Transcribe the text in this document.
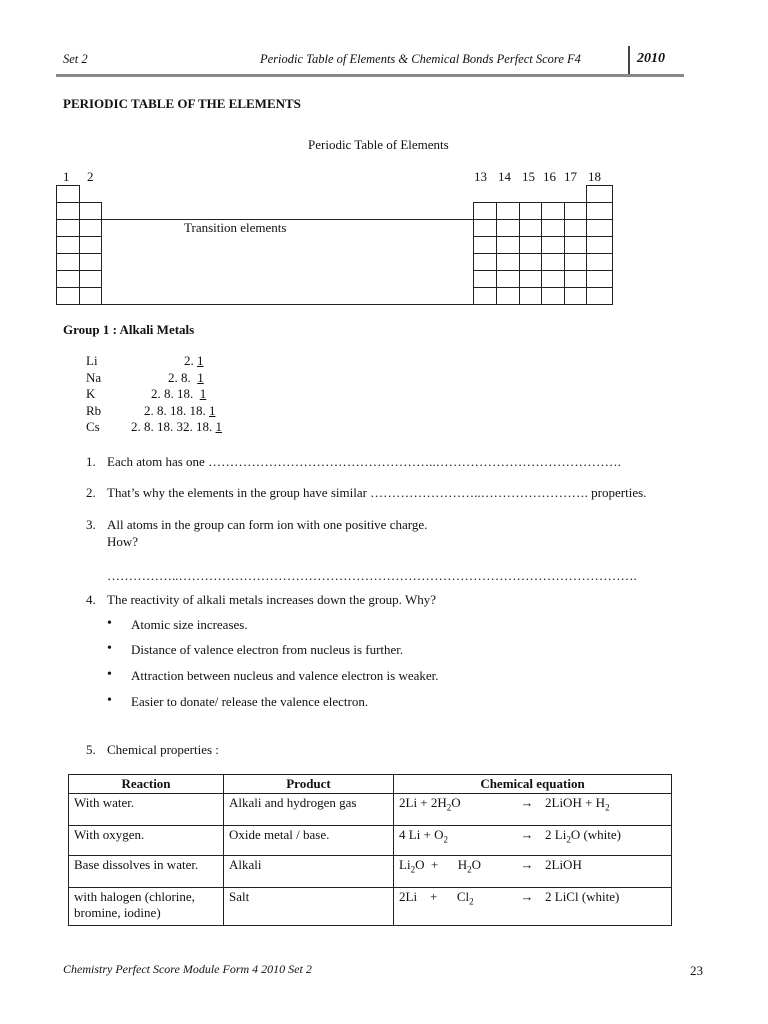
Set 2	Periodic Table of Elements & Chemical Bonds Perfect Score F4	2010
PERIODIC TABLE OF THE ELEMENTS
Periodic Table of Elements
1 2	13 14 15 16 17 18
Transition elements
Group 1 : Alkali Metals
Li	2. 1
Na	2. 8. 1
K	2. 8. 18. 1
Rb	2. 8. 18. 18. 1
Cs 2. 8. 18. 32. 18. 1
1. Each atom has one ……………………………………………..…………………………………….
2. That’s why the elements in the group have similar ……………………..……………………. properties.
3. All atoms in the group can form ion with one positive charge.
How?
……………..…………………………………………………………………………………………….
4. The reactivity of alkali metals increases down the group. Why?
• Atomic size increases.
• Distance of valence electron from nucleus is further.
• Attraction between nucleus and valence electron is weaker.
• Easier to donate/ release the valence electron.
5. Chemical properties :
Reaction	Product	Chemical equation
With water.	Alkali and hydrogen gas	$2Li + 2H_2O$ → 2LiOH + $H_2$

With oxygen.	Oxide metal / base.	4 $Li + O_2 \to 2$ $Li_2O$ (white)

Base dissolves in water.	Alkali	$Li_2O$  +      $H_2O$ → 2LiOH

with halogen (chlorine, bromine, iodine)	Salt	2Li    +      $Cl_2 \to 2$ LiCl (white)
Chemistry Perfect Score Module Form 4 2010 Set 2	23
